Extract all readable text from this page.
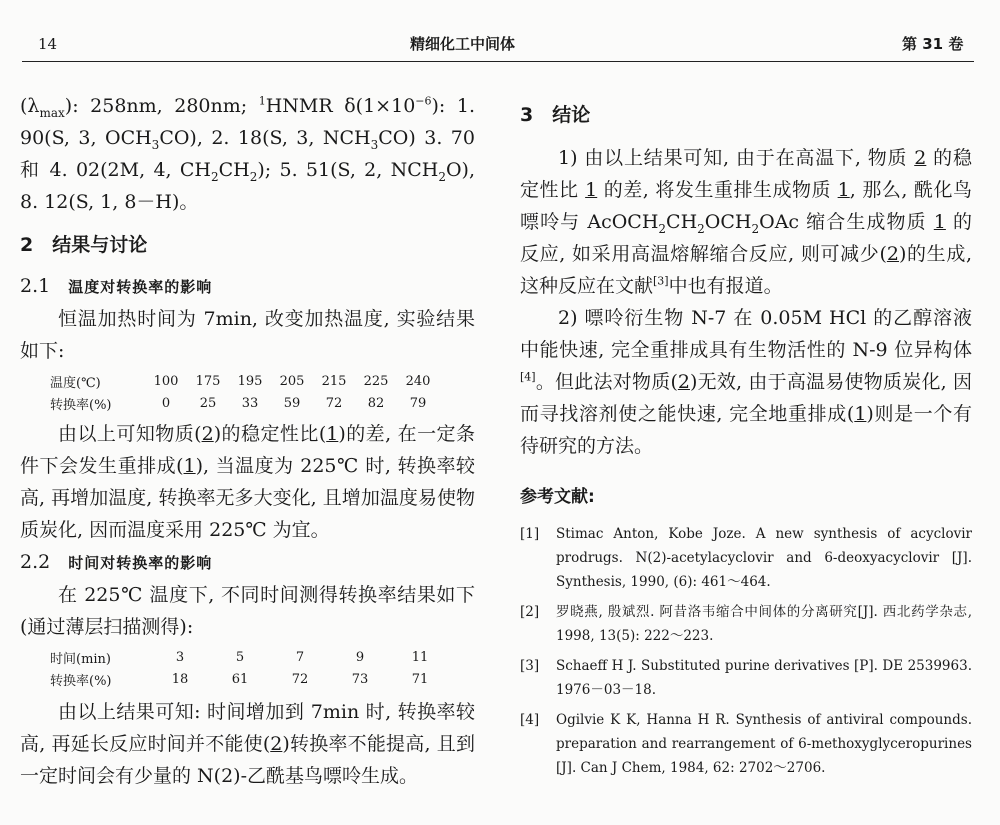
14	精细化工中间体	第 31 卷

$(\lambda_{max})$: 258nm, 280nm; $^1$HNMR $\delta(1\times 10^{-6})$: 1. 90(S, 3, $OCH_3CO$), 2. 18(S, 3, $NCH_3CO$) 3. 70 和 4. 02(2M, 4, $CH_2CH_2$); 5. 51(S, 2, $NCH_2O$), 8. 12(S, 1, 8－H)。

2　结果与讨论
2.1 温度对转换率的影响

恒温加热时间为 7min, 改变加热温度, 实验结果如下:

温度(℃)	100	175	195	205	215	225	240
转换率(%)	0	25	33	59	72	82	79

由以上可知物质(2)的稳定性比(1)的差, 在一定条件下会发生重排成(1), 当温度为 225℃ 时, 转换率较高, 再增加温度, 转换率无多大变化, 且增加温度易使物质炭化, 因而温度采用 225℃ 为宜。

2.2 时间对转换率的影响

在 225℃ 温度下, 不同时间测得转换率结果如下(通过薄层扫描测得):

时间(min)	3	5	7	9	11
转换率(%)	18	61	72	73	71

由以上结果可知: 时间增加到 7min 时, 转换率较高, 再延长反应时间并不能使(2)转换率不能提高, 且到一定时间会有少量的 N(2)-乙酰基鸟嘌呤生成。

3　结论

1) 由以上结果可知, 由于在高温下, 物质 2 的稳定性比 1 的差, 将发生重排生成物质 1, 那么, 酰化鸟嘌呤与 $AcOCH_2CH_2OCH_2OAc$ 缩合生成物质 1 的反应, 如采用高温熔解缩合反应, 则可减少(2)的生成, 这种反应在文献[3]中也有报道。

2) 嘌呤衍生物 N-7 在 0.05M HCl 的乙醇溶液中能快速, 完全重排成具有生物活性的 N-9 位异构体[4]。但此法对物质(2)无效, 由于高温易使物质炭化, 因而寻找溶剂使之能快速, 完全地重排成(1)则是一个有待研究的方法。

参考文献:
[1] Stimac Anton, Kobe Joze. A new synthesis of acyclovir prodrugs. N(2)-acetylacyclovir and 6-deoxyacyclovir [J]. Synthesis, 1990, (6): 461～464.
[2] 罗晓燕, 殷斌烈. 阿昔洛韦缩合中间体的分离研究[J]. 西北药学杂志, 1998, 13(5): 222～223.
[3] Schaeff H J. Substituted purine derivatives [P]. DE 2539963. 1976－03－18.
[4] Ogilvie K K, Hanna H R. Synthesis of antiviral compounds. preparation and rearrangement of 6-methoxyglyceropurines [J]. Can J Chem, 1984, 62: 2702～2706.
